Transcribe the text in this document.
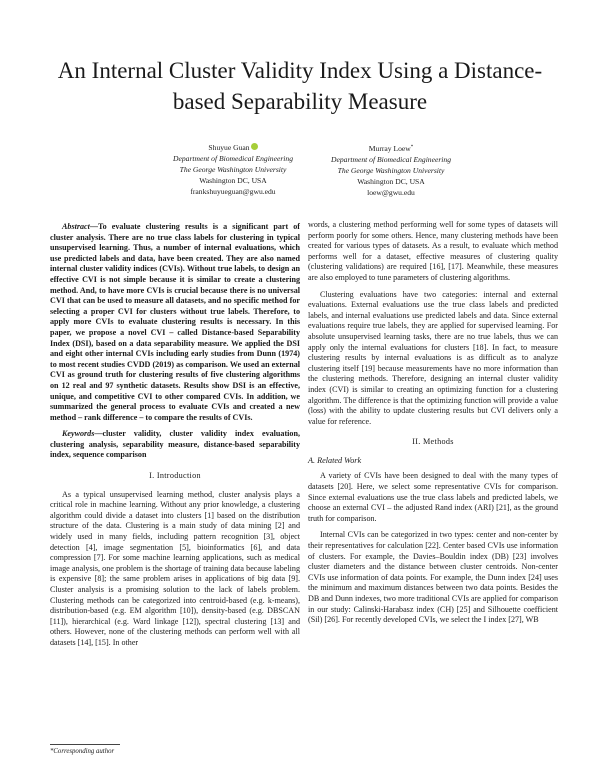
An Internal Cluster Validity Index Using a Distance-based Separability Measure
Shuyue Guan
Department of Biomedical Engineering
The George Washington University
Washington DC, USA
frankshuyueguan@gwu.edu
Murray Loew*
Department of Biomedical Engineering
The George Washington University
Washington DC, USA
loew@gwu.edu

Abstract—To evaluate clustering results is a significant part of cluster analysis. There are no true class labels for clustering in typical unsupervised learning. Thus, a number of internal evaluations, which use predicted labels and data, have been created. They are also named internal cluster validity indices (CVIs). Without true labels, to design an effective CVI is not simple because it is similar to create a clustering method. And, to have more CVIs is crucial because there is no universal CVI that can be used to measure all datasets, and no specific method for selecting a proper CVI for clusters without true labels. Therefore, to apply more CVIs to evaluate clustering results is necessary. In this paper, we propose a novel CVI – called Distance-based Separability Index (DSI), based on a data separability measure. We applied the DSI and eight other internal CVIs including early studies from Dunn (1974) to most recent studies CVDD (2019) as comparison. We used an external CVI as ground truth for clustering results of five clustering algorithms on 12 real and 97 synthetic datasets. Results show DSI is an effective, unique, and competitive CVI to other compared CVIs. In addition, we summarized the general process to evaluate CVIs and created a new method – rank difference – to compare the results of CVIs.

Keywords—cluster validity, cluster validity index evaluation, clustering analysis, separability measure, distance-based separability index, sequence comparison

I. Introduction

As a typical unsupervised learning method, cluster analysis plays a critical role in machine learning. Without any prior knowledge, a clustering algorithm could divide a dataset into clusters [1] based on the distribution structure of the data. Clustering is a main study of data mining [2] and widely used in many fields, including pattern recognition [3], object detection [4], image segmentation [5], bioinformatics [6], and data compression [7]. For some machine learning applications, such as medical image analysis, one problem is the shortage of training data because labeling is expensive [8]; the same problem arises in applications of big data [9]. Cluster analysis is a promising solution to the lack of labels problem. Clustering methods can be categorized into centroid-based (e.g. k-means), distribution-based (e.g. EM algorithm [10]), density-based (e.g. DBSCAN [11]), hierarchical (e.g. Ward linkage [12]), spectral clustering [13] and others. However, none of the clustering methods can perform well with all datasets [14], [15]. In other

words, a clustering method performing well for some types of datasets will perform poorly for some others. Hence, many clustering methods have been created for various types of datasets. As a result, to evaluate which method performs well for a dataset, effective measures of clustering quality (clustering validations) are required [16], [17]. Meanwhile, these measures are also employed to tune parameters of clustering algorithms.

Clustering evaluations have two categories: internal and external evaluations. External evaluations use the true class labels and predicted labels, and internal evaluations use predicted labels and data. Since external evaluations require true labels, they are applied for supervised learning. For absolute unsupervised learning tasks, there are no true labels, thus we can apply only the internal evaluations for clusters [18]. In fact, to measure clustering results by internal evaluations is as difficult as to analyze clustering itself [19] because measurements have no more information than the clustering methods. Therefore, designing an internal cluster validity index (CVI) is similar to creating an optimizing function for a clustering algorithm. The difference is that the optimizing function will provide a value (loss) with the ability to update clustering results but CVI delivers only a value for reference.

II. Methods
A. Related Work

A variety of CVIs have been designed to deal with the many types of datasets [20]. Here, we select some representative CVIs for comparison. Since external evaluations use the true class labels and predicted labels, we choose an external CVI – the adjusted Rand index (ARI) [21], as the ground truth for comparison.

Internal CVIs can be categorized in two types: center and non-center by their representatives for calculation [22]. Center based CVIs use information of clusters. For example, the Davies–Bouldin index (DB) [23] involves cluster diameters and the distance between cluster centroids. Non-center CVIs use information of data points. For example, the Dunn index [24] uses the minimum and maximum distances between two data points. Besides the DB and Dunn indexes, two more traditional CVIs are applied for comparison in our study: Calinski-Harabasz index (CH) [25] and Silhouette coefficient (Sil) [26]. For recently developed CVIs, we select the I index [27], WB

*Corresponding author
